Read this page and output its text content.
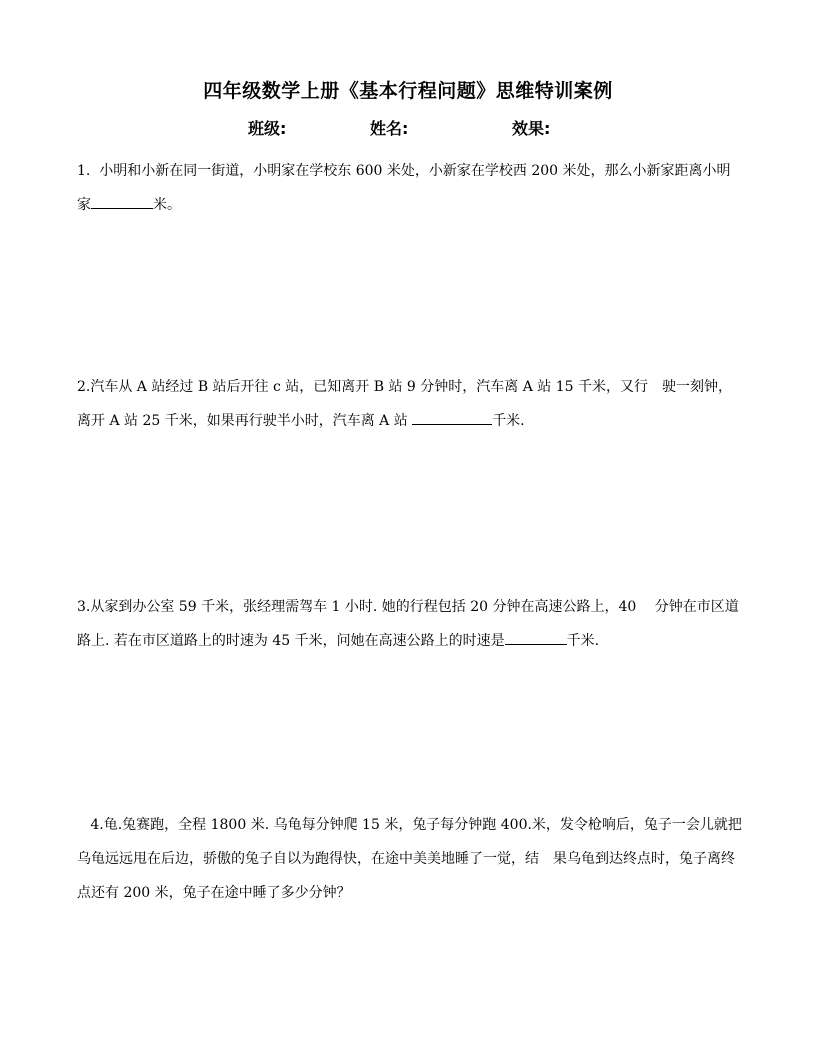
四年级数学上册《基本行程问题》思维特训案例
班级:	姓名:	效果:
1. 小明和小新在同一街道，小明家在学校东 600 米处，小新家在学校西 200 米处，那么小新家距离小明家	米。
2.汽车从 A 站经过 B 站后开往 c 站，已知离开 B 站 9 分钟时，汽车离 A 站 15 千米，又行　驶一刻钟，离开 A 站 25 千米，如果再行驶半小时，汽车离 A 站	千米.
3.从家到办公室 59 千米，张经理需驾车 1 小时. 她的行程包括 20 分钟在高速公路上，40　 分钟在市区道路上. 若在市区道路上的时速为 45 千米，问她在高速公路上的时速是	千米.
4.龟.兔赛跑，全程 1800 米. 乌龟每分钟爬 15 米，兔子每分钟跑 400.米，发令枪响后，兔子一会儿就把乌龟远远甩在后边，骄傲的兔子自以为跑得快，在途中美美地睡了一觉，结　果乌龟到达终点时，兔子离终点还有 200 米，兔子在途中睡了多少分钟？
